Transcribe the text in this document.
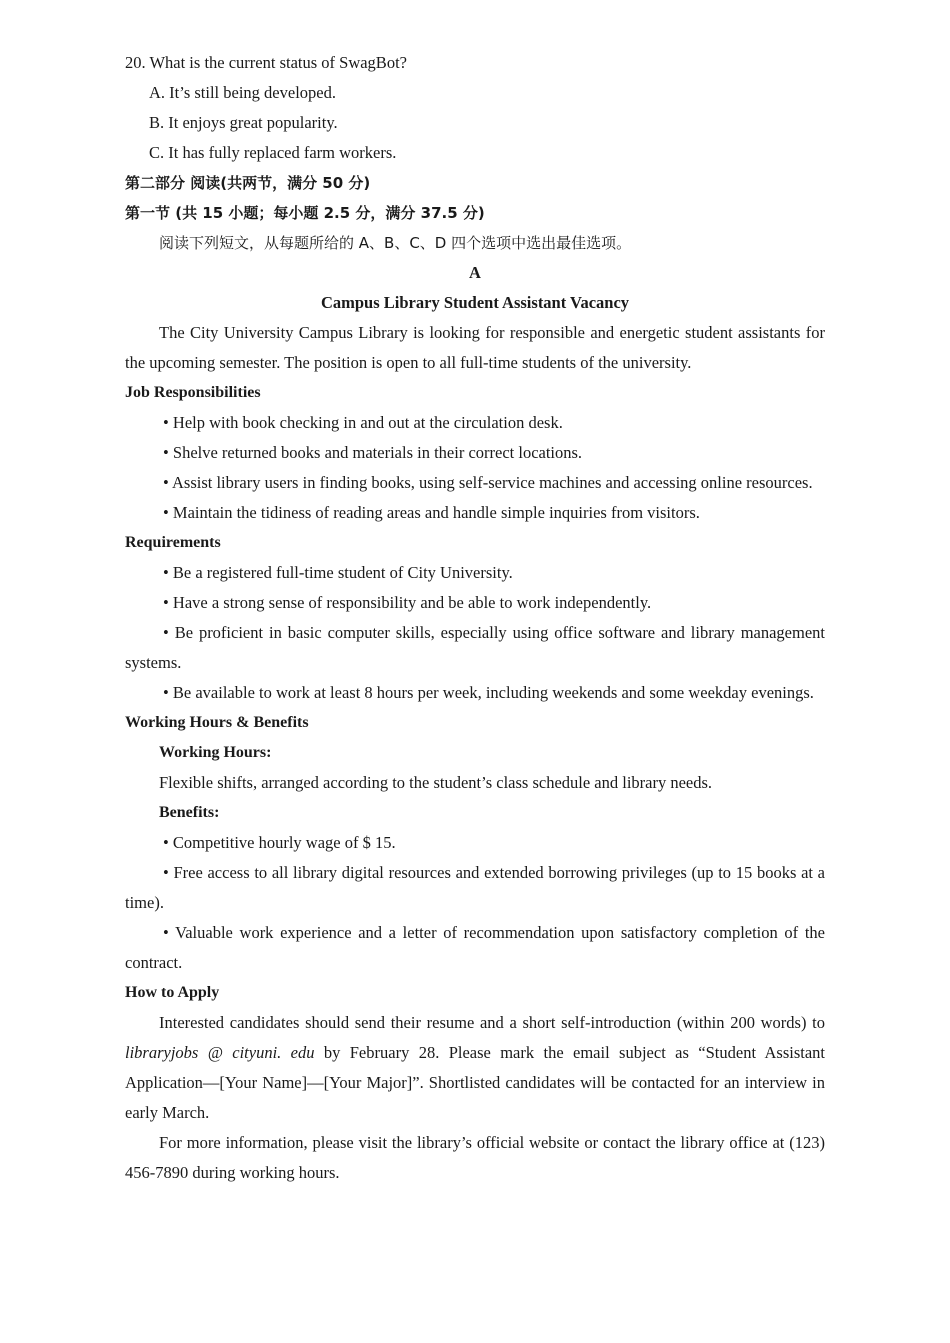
20. What is the current status of SwagBot?
A. It’s still being developed.
B. It enjoys great popularity.
C. It has fully replaced farm workers.
第二部分 阅读(共两节，满分 50 分)
第一节 (共 15 小题；每小题 2.5 分，满分 37.5 分)
阅读下列短文，从每题所给的 A、B、C、D 四个选项中选出最佳选项。
A
Campus Library Student Assistant Vacancy
The City University Campus Library is looking for responsible and energetic student assistants for the upcoming semester. The position is open to all full-time students of the university.
Job Responsibilities
• Help with book checking in and out at the circulation desk.
• Shelve returned books and materials in their correct locations.
• Assist library users in finding books, using self-service machines and accessing online resources.
• Maintain the tidiness of reading areas and handle simple inquiries from visitors.
Requirements
• Be a registered full-time student of City University.
• Have a strong sense of responsibility and be able to work independently.
• Be proficient in basic computer skills, especially using office software and library management systems.
• Be available to work at least 8 hours per week, including weekends and some weekday evenings.
Working Hours & Benefits
Working Hours:
Flexible shifts, arranged according to the student’s class schedule and library needs.
Benefits:
• Competitive hourly wage of $ 15.
• Free access to all library digital resources and extended borrowing privileges (up to 15 books at a time).
• Valuable work experience and a letter of recommendation upon satisfactory completion of the contract.
How to Apply
Interested candidates should send their resume and a short self-introduction (within 200 words) to libraryjobs @ cityuni. edu by February 28. Please mark the email subject as “Student Assistant Application—[Your Name]—[Your Major]”. Shortlisted candidates will be contacted for an interview in early March.
For more information, please visit the library’s official website or contact the library office at (123) 456-7890 during working hours.
